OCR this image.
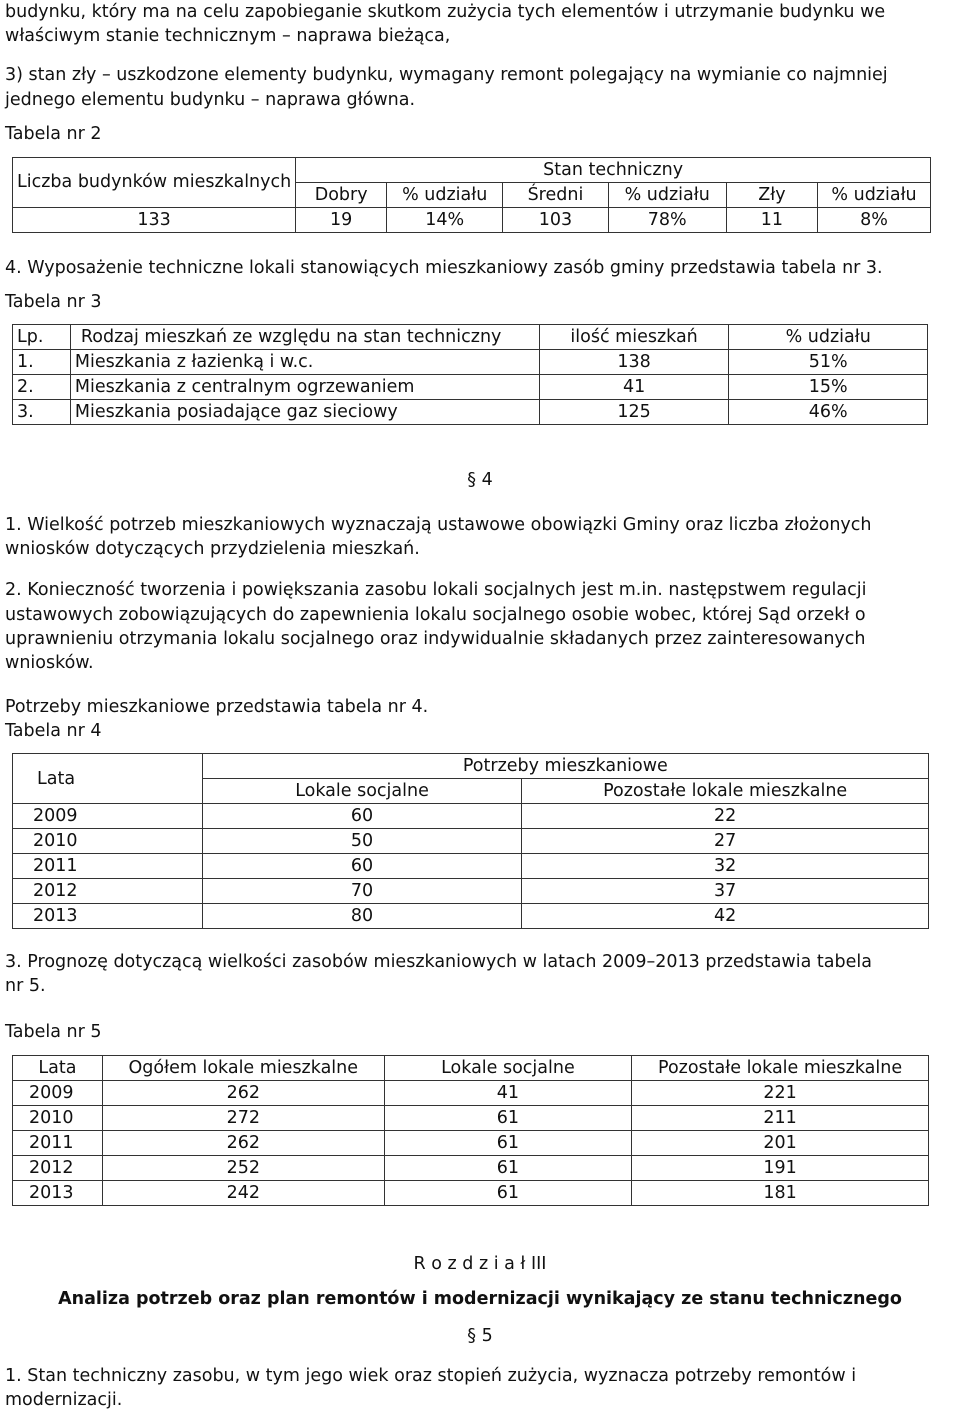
budynku, który ma na celu zapobieganie skutkom zużycia tych elementów i utrzymanie budynku we
właściwym stanie technicznym – naprawa bieżąca,
3) stan zły – uszkodzone elementy budynku, wymagany remont polegający na wymianie co najmniej
jednego elementu budynku – naprawa główna.
Tabela nr 2
Liczba budynków mieszkalnych	Stan techniczny					
	Dobry	% udziału	Średni	% udziału	Zły	% udziału
133	19	14%	103	78%	11	8%
4. Wyposażenie techniczne lokali stanowiących mieszkaniowy zasób gminy przedstawia tabela nr 3.
Tabela nr 3
Lp.	Rodzaj mieszkań ze względu na stan techniczny	ilość mieszkań	% udziału
1.	Mieszkania z łazienką i w.c.	138	51%
2.	Mieszkania z centralnym ogrzewaniem	41	15%
3.	Mieszkania posiadające gaz sieciowy	125	46%
§ 4
1. Wielkość potrzeb mieszkaniowych wyznaczają ustawowe obowiązki Gminy oraz liczba złożonych
wniosków dotyczących przydzielenia mieszkań.
2. Konieczność tworzenia i powiększania zasobu lokali socjalnych jest m.in. następstwem regulacji
ustawowych zobowiązujących do zapewnienia lokalu socjalnego osobie wobec, której Sąd orzekł o
uprawnieniu otrzymania lokalu socjalnego oraz indywidualnie składanych przez zainteresowanych
wniosków.
Potrzeby mieszkaniowe przedstawia tabela nr 4.
Tabela nr 4
Lata	Potrzeby mieszkaniowe	
	Lokale socjalne	Pozostałe lokale mieszkalne
2009	60	22
2010	50	27
2011	60	32
2012	70	37
2013	80	42
3. Prognozę dotyczącą wielkości zasobów mieszkaniowych w latach 2009–2013 przedstawia tabela
nr 5.
Tabela nr 5
Lata	Ogółem lokale mieszkalne	Lokale socjalne	Pozostałe lokale mieszkalne
2009	262	41	221
2010	272	61	211
2011	262	61	201
2012	252	61	191
2013	242	61	181
R o z d z i a ł III
Analiza potrzeb oraz plan remontów i modernizacji wynikający ze stanu technicznego
§ 5
1. Stan techniczny zasobu, w tym jego wiek oraz stopień zużycia, wyznacza potrzeby remontów i
modernizacji.
